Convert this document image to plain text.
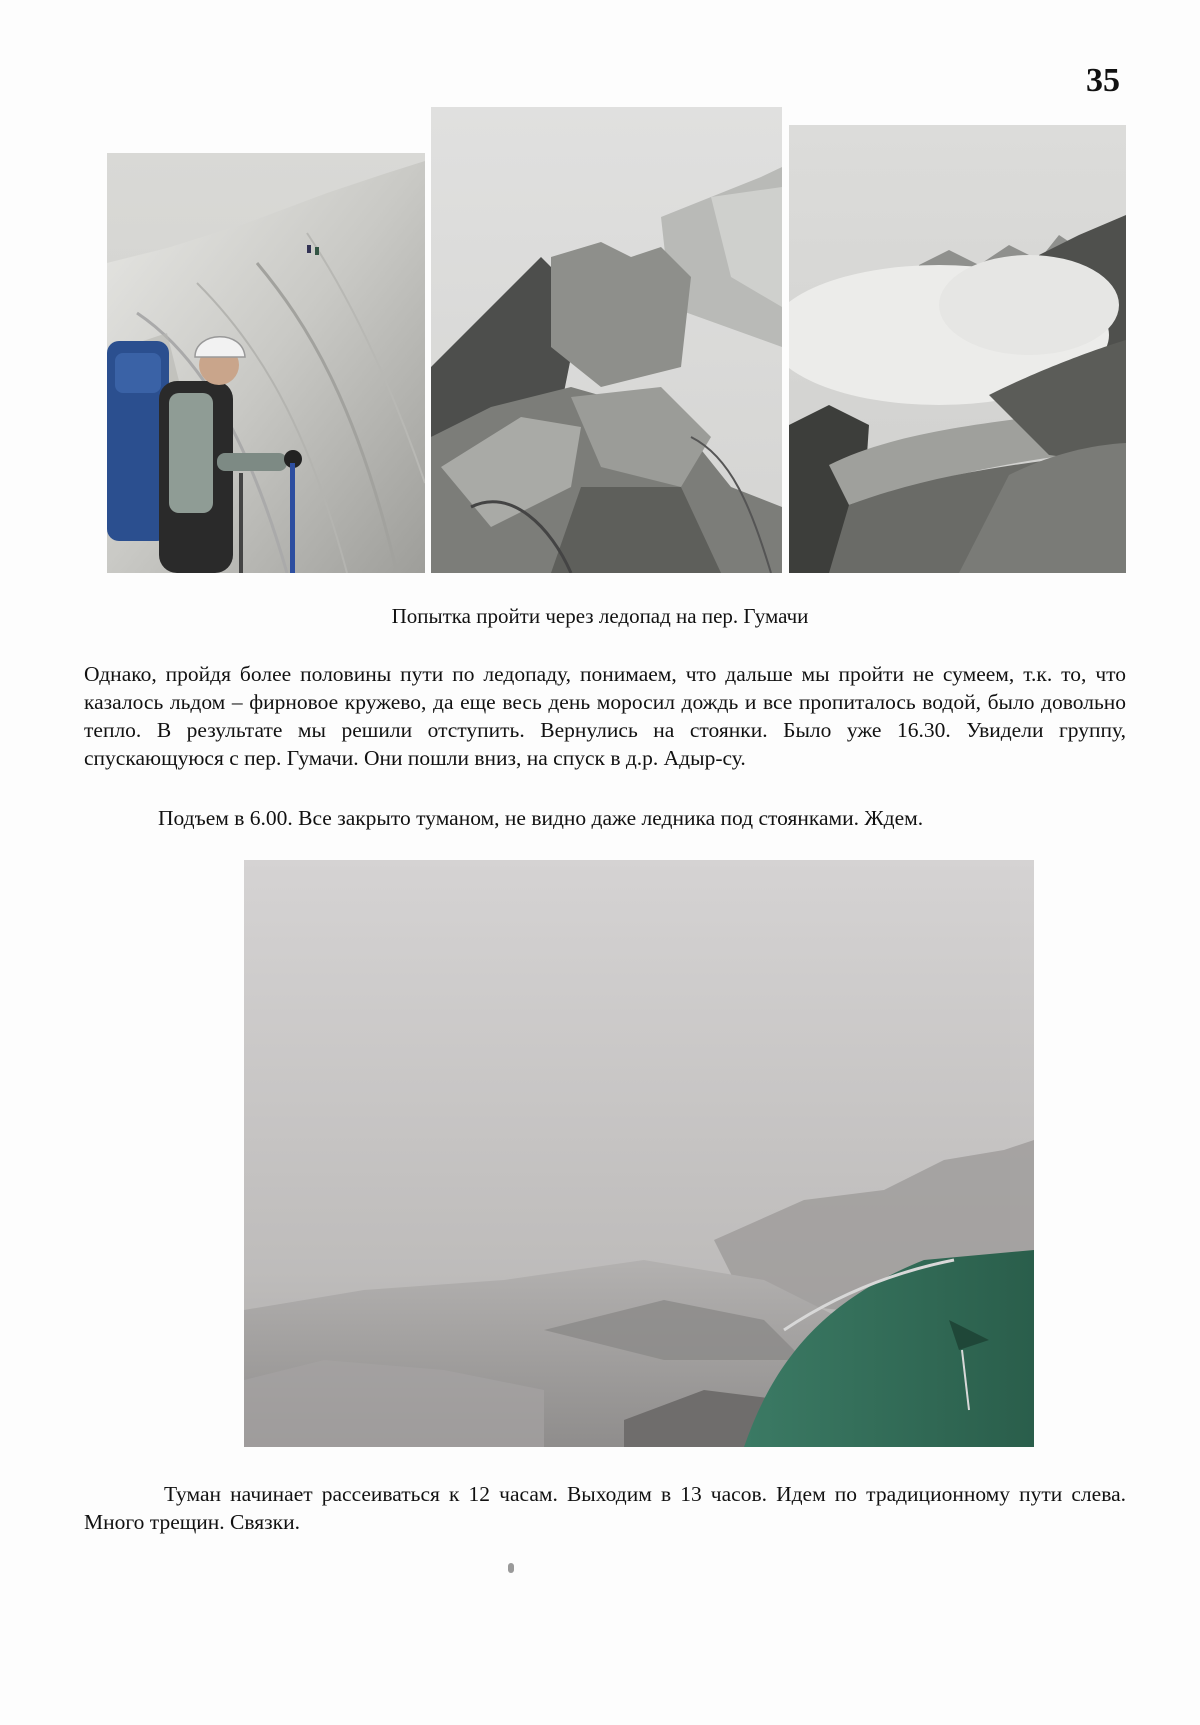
35
Попытка пройти через ледопад на пер. Гумачи
Однако, пройдя более половины пути по ледопаду, понимаем, что дальше мы пройти не сумеем, т.к. то, что казалось льдом – фирновое кружево, да еще весь день моросил дождь и все пропиталось водой, было довольно тепло. В результате мы решили отступить. Вернулись на стоянки. Было уже 16.30. Увидели группу, спускающуюся с пер. Гумачи. Они пошли вниз, на спуск в д.р. Адыр-су.
Подъем в 6.00. Все закрыто туманом, не видно даже ледника под стоянками. Ждем.
Туман начинает рассеиваться к 12 часам. Выходим в 13 часов. Идем по традиционному пути слева. Много трещин. Связки.
